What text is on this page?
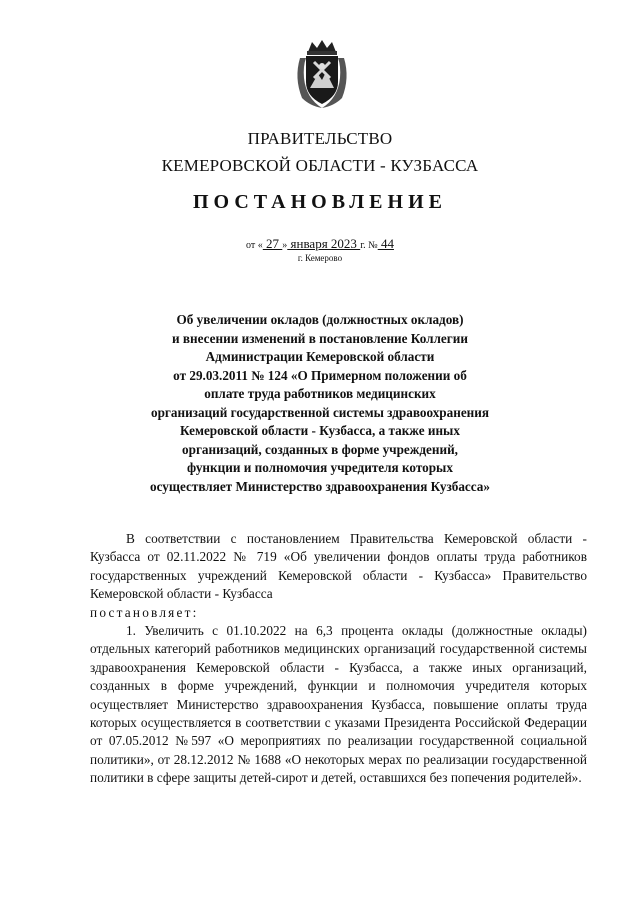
ПРАВИТЕЛЬСТВО
КЕМЕРОВСКОЙ ОБЛАСТИ - КУЗБАССА
ПОСТАНОВЛЕНИЕ
от « 27 » января 2023 г. № 44
г. Кемерово
Об увеличении окладов (должностных окладов)
и внесении изменений в постановление Коллегии
Администрации Кемеровской области
от 29.03.2011 № 124 «О Примерном положении об
оплате труда работников медицинских
организаций государственной системы здравоохранения
Кемеровской области - Кузбасса, а также иных
организаций, созданных в форме учреждений,
функции и полномочия учредителя которых
осуществляет Министерство здравоохранения Кузбасса»

В соответствии с постановлением Правительства Кемеровской области - Кузбасса от 02.11.2022 № 719 «Об увеличении фондов оплаты труда работников государственных учреждений Кемеровской области - Кузбасса» Правительство Кемеровской области - Кузбасса

постановляет:

1. Увеличить с 01.10.2022 на 6,3 процента оклады (должностные оклады) отдельных категорий работников медицинских организаций государственной системы здравоохранения Кемеровской области - Кузбасса, а также иных организаций, созданных в форме учреждений, функции и полномочия учредителя которых осуществляет Министерство здравоохранения Кузбасса, повышение оплаты труда которых осуществляется в соответствии с указами Президента Российской Федерации от 07.05.2012 №597 «О мероприятиях по реализации государственной социальной политики», от 28.12.2012 № 1688 «О некоторых мерах по реализации государственной политики в сфере защиты детей-сирот и детей, оставшихся без попечения родителей».
